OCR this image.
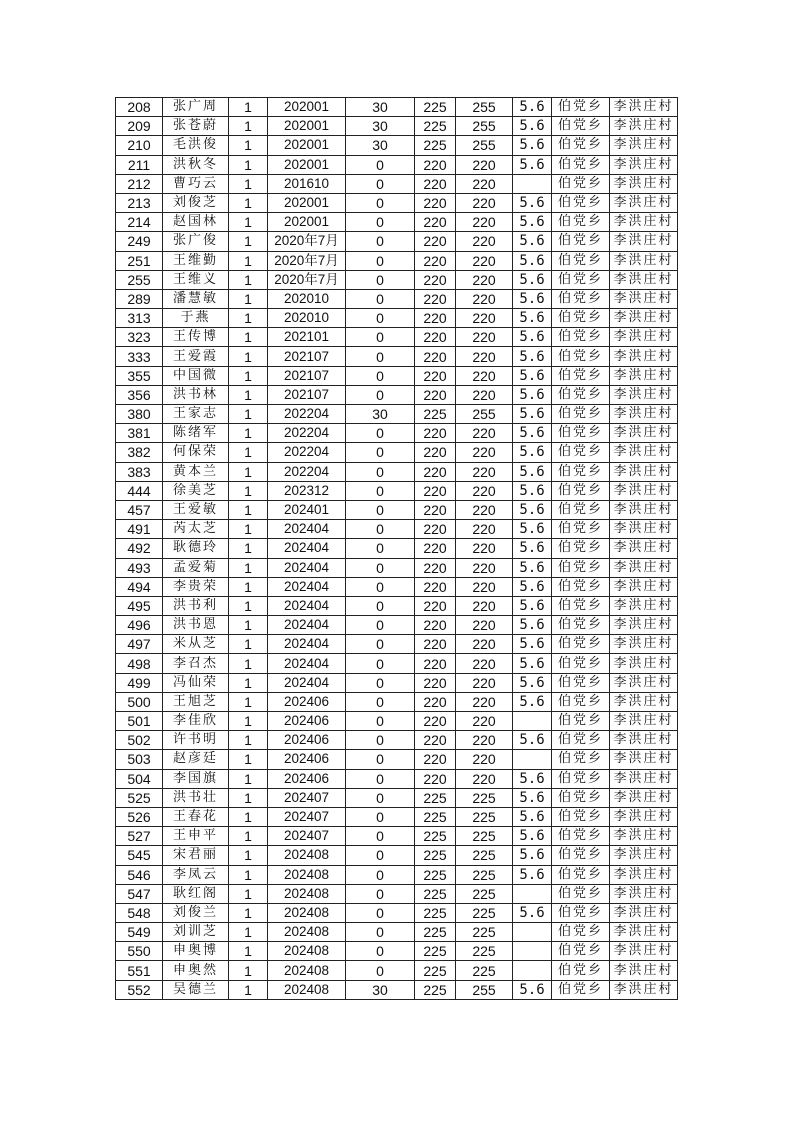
208	张广周	1	202001	30	225	255	5.6	伯党乡	李洪庄村
209	张苍蔚	1	202001	30	225	255	5.6	伯党乡	李洪庄村
210	毛洪俊	1	202001	30	225	255	5.6	伯党乡	李洪庄村
211	洪秋冬	1	202001	0	220	220	5.6	伯党乡	李洪庄村
212	曹巧云	1	201610	0	220	220		伯党乡	李洪庄村
213	刘俊芝	1	202001	0	220	220	5.6	伯党乡	李洪庄村
214	赵国林	1	202001	0	220	220	5.6	伯党乡	李洪庄村
249	张广俊	1	2020年7月	0	220	220	5.6	伯党乡	李洪庄村
251	王维勤	1	2020年7月	0	220	220	5.6	伯党乡	李洪庄村
255	王维义	1	2020年7月	0	220	220	5.6	伯党乡	李洪庄村
289	潘慧敏	1	202010	0	220	220	5.6	伯党乡	李洪庄村
313	于燕	1	202010	0	220	220	5.6	伯党乡	李洪庄村
323	王传博	1	202101	0	220	220	5.6	伯党乡	李洪庄村
333	王爱霞	1	202107	0	220	220	5.6	伯党乡	李洪庄村
355	中国微	1	202107	0	220	220	5.6	伯党乡	李洪庄村
356	洪书林	1	202107	0	220	220	5.6	伯党乡	李洪庄村
380	王家志	1	202204	30	225	255	5.6	伯党乡	李洪庄村
381	陈绪军	1	202204	0	220	220	5.6	伯党乡	李洪庄村
382	何保荣	1	202204	0	220	220	5.6	伯党乡	李洪庄村
383	黄本兰	1	202204	0	220	220	5.6	伯党乡	李洪庄村
444	徐美芝	1	202312	0	220	220	5.6	伯党乡	李洪庄村
457	王爱敏	1	202401	0	220	220	5.6	伯党乡	李洪庄村
491	芮太芝	1	202404	0	220	220	5.6	伯党乡	李洪庄村
492	耿德玲	1	202404	0	220	220	5.6	伯党乡	李洪庄村
493	孟爱菊	1	202404	0	220	220	5.6	伯党乡	李洪庄村
494	李贵荣	1	202404	0	220	220	5.6	伯党乡	李洪庄村
495	洪书利	1	202404	0	220	220	5.6	伯党乡	李洪庄村
496	洪书恩	1	202404	0	220	220	5.6	伯党乡	李洪庄村
497	米从芝	1	202404	0	220	220	5.6	伯党乡	李洪庄村
498	李召杰	1	202404	0	220	220	5.6	伯党乡	李洪庄村
499	冯仙荣	1	202404	0	220	220	5.6	伯党乡	李洪庄村
500	王旭芝	1	202406	0	220	220	5.6	伯党乡	李洪庄村
501	李佳欣	1	202406	0	220	220		伯党乡	李洪庄村
502	许书明	1	202406	0	220	220	5.6	伯党乡	李洪庄村
503	赵彦廷	1	202406	0	220	220		伯党乡	李洪庄村
504	李国旗	1	202406	0	220	220	5.6	伯党乡	李洪庄村
525	洪书壮	1	202407	0	225	225	5.6	伯党乡	李洪庄村
526	王春花	1	202407	0	225	225	5.6	伯党乡	李洪庄村
527	王申平	1	202407	0	225	225	5.6	伯党乡	李洪庄村
545	宋君丽	1	202408	0	225	225	5.6	伯党乡	李洪庄村
546	李凤云	1	202408	0	225	225	5.6	伯党乡	李洪庄村
547	耿红阁	1	202408	0	225	225		伯党乡	李洪庄村
548	刘俊兰	1	202408	0	225	225	5.6	伯党乡	李洪庄村
549	刘训芝	1	202408	0	225	225		伯党乡	李洪庄村
550	申奥博	1	202408	0	225	225		伯党乡	李洪庄村
551	申奥然	1	202408	0	225	225		伯党乡	李洪庄村
552	吴德兰	1	202408	30	225	255	5.6	伯党乡	李洪庄村
